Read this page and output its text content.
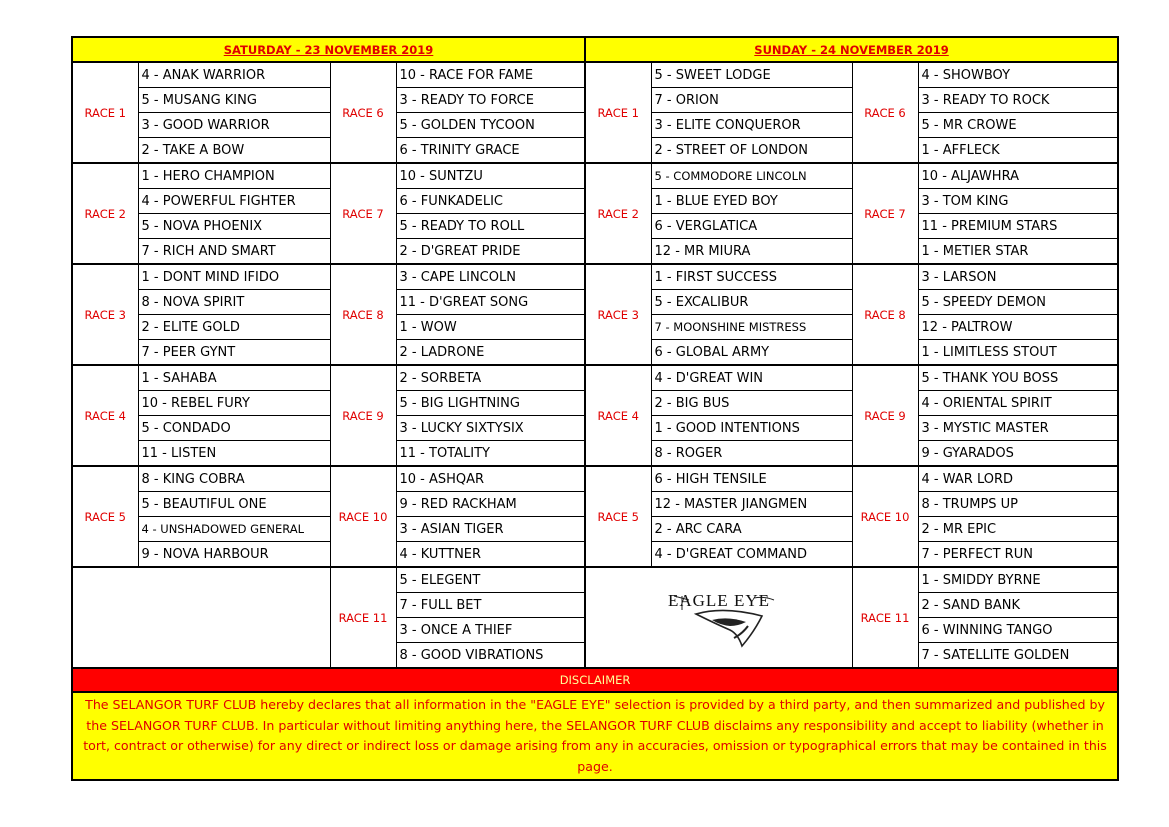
SATURDAY - 23 NOVEMBER 2019				SUNDAY - 24 NOVEMBER 2019			
RACE 1	4 - ANAK WARRIOR	RACE 6	10 - RACE FOR FAME	RACE 1	5 - SWEET LODGE	RACE 6	4 - SHOWBOY
	5 - MUSANG KING		3 - READY TO FORCE		7 - ORION		3 - READY TO ROCK
	3 - GOOD WARRIOR		5 - GOLDEN TYCOON		3 - ELITE CONQUEROR		5 - MR CROWE
	2 - TAKE A BOW		6 - TRINITY GRACE		2 - STREET OF LONDON		1 - AFFLECK
RACE 2	1 - HERO CHAMPION	RACE 7	10 - SUNTZU	RACE 2	5 - COMMODORE LINCOLN	RACE 7	10 - ALJAWHRA
	4 - POWERFUL FIGHTER		6 - FUNKADELIC		1 - BLUE EYED BOY		3 - TOM KING
	5 - NOVA PHOENIX		5 - READY TO ROLL		6 - VERGLATICA		11 - PREMIUM STARS
	7 - RICH AND SMART		2 - D'GREAT PRIDE		12 - MR MIURA		1 - METIER STAR
RACE 3	1 - DONT MIND IFIDO	RACE 8	3 - CAPE LINCOLN	RACE 3	1 - FIRST SUCCESS	RACE 8	3 - LARSON
	8 - NOVA SPIRIT		11 - D'GREAT SONG		5 - EXCALIBUR		5 - SPEEDY DEMON
	2 - ELITE GOLD		1 - WOW		7 - MOONSHINE MISTRESS		12 - PALTROW
	7 - PEER GYNT		2 - LADRONE		6 - GLOBAL ARMY		1 - LIMITLESS STOUT
RACE 4	1 - SAHABA	RACE 9	2 - SORBETA	RACE 4	4 - D'GREAT WIN	RACE 9	5 - THANK YOU BOSS
	10 - REBEL FURY		5 - BIG LIGHTNING		2 - BIG BUS		4 - ORIENTAL SPIRIT
	5 - CONDADO		3 - LUCKY SIXTYSIX		1 - GOOD INTENTIONS		3 - MYSTIC MASTER
	11 - LISTEN		11 - TOTALITY		8 - ROGER		9 - GYARADOS
RACE 5	8 - KING COBRA	RACE 10	10 - ASHQAR	RACE 5	6 - HIGH TENSILE	RACE 10	4 - WAR LORD
	5 - BEAUTIFUL ONE		9 - RED RACKHAM		12 - MASTER JIANGMEN		8 - TRUMPS UP
	4 - UNSHADOWED GENERAL		3 - ASIAN TIGER		2 - ARC CARA		2 - MR EPIC
	9 - NOVA HARBOUR		4 - KUTTNER		4 - D'GREAT COMMAND		7 - PERFECT RUN
		RACE 11	5 - ELEGENT	EAGLE EYE		RACE 11	1 - SMIDDY BYRNE
			7 - FULL BET				2 - SAND BANK
			3 - ONCE A THIEF				6 - WINNING TANGO
			8 - GOOD VIBRATIONS				7 - SATELLITE GOLDEN
DISCLAIMER							
The SELANGOR TURF CLUB hereby declares that all information in the "EAGLE EYE" selection is provided by a third party, and then summarized and published by the SELANGOR TURF CLUB. In particular without limiting anything here, the SELANGOR TURF CLUB disclaims any responsibility and accept to liability (whether in tort, contract or otherwise) for any direct or indirect loss or damage arising from any in accuracies, omission or typographical errors that may be contained in this page.							
